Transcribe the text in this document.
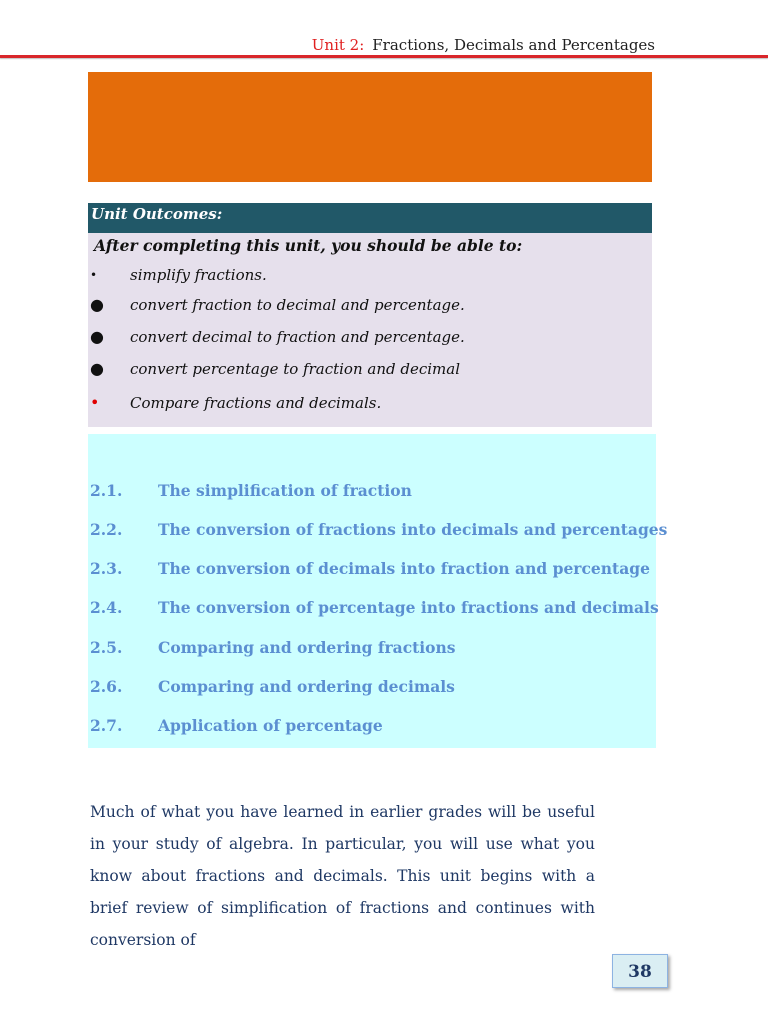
Unit 2: Fractions, Decimals and Percentages
Unit Outcomes:
After completing this unit, you should be able to:
• simplify fractions.
● convert fraction to decimal and percentage.
● convert decimal to fraction and percentage.
● convert percentage to fraction and decimal
• Compare fractions and decimals.
2.1. The simplification of fraction
2.2. The conversion of fractions into decimals and percentages
2.3. The conversion of decimals into fraction and percentage
2.4. The conversion of percentage into fractions and decimals
2.5. Comparing and ordering fractions
2.6. Comparing and ordering decimals
2.7. Application of percentage
Much of what you have learned in earlier grades will be useful in your study of algebra. In particular, you will use what you know about fractions and decimals. This unit begins with a brief review of simplification of fractions and continues with conversion of
38
